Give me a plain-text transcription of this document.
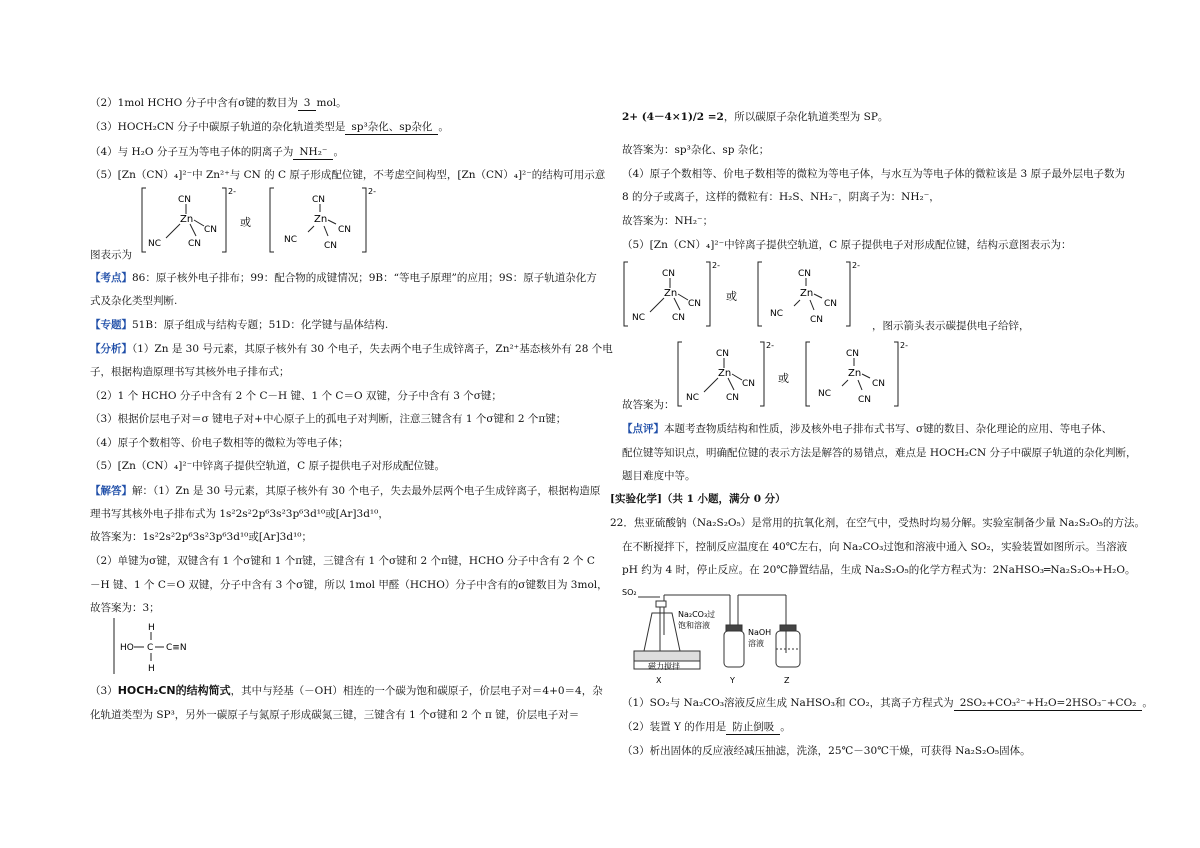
（2）1mol HCHO 分子中含有σ键的数目为 3 mol。
（3）HOCH₂CN 分子中碳原子轨道的杂化轨道类型是 sp³杂化、sp杂化 。
（4）与 H₂O 分子互为等电子体的阴离子为 NH₂⁻ 。
（5）[Zn（CN）₄]²⁻中 Zn²⁺与 CN 的 C 原子形成配位键，不考虑空间构型，[Zn（CN）₄]²⁻的结构可用示意
图表示为
CN
Zn
NC	CN
CN
2-
或
CN
Zn
NC
CN
CN
2-
【考点】86：原子核外电子排布；99：配合物的成键情况；9B：“等电子原理”的应用；9S：原子轨道杂化方
式及杂化类型判断.
【专题】51B：原子组成与结构专题；51D：化学键与晶体结构.
【分析】（1）Zn 是 30 号元素，其原子核外有 30 个电子，失去两个电子生成锌离子，Zn²⁺基态核外有 28 个电
子，根据构造原理书写其核外电子排布式；
（2）1 个 HCHO 分子中含有 2 个 C－H 键、1 个 C＝O 双键，分子中含有 3 个σ键；
（3）根据价层电子对＝σ 键电子对+中心原子上的孤电子对判断，注意三键含有 1 个σ键和 2 个π键；
（4）原子个数相等、价电子数相等的微粒为等电子体；
（5）[Zn（CN）₄]²⁻中锌离子提供空轨道，C 原子提供电子对形成配位键。
【解答】解：（1）Zn 是 30 号元素，其原子核外有 30 个电子，失去最外层两个电子生成锌离子，根据构造原
理书写其核外电子排布式为 1s²2s²2p⁶3s²3p⁶3d¹⁰或[Ar]3d¹⁰，
故答案为：1s²2s²2p⁶3s²3p⁶3d¹⁰或[Ar]3d¹⁰；
（2）单键为σ键，双键含有 1 个σ键和 1 个π键，三键含有 1 个σ键和 2 个π键，HCHO 分子中含有 2 个 C
－H 键、1 个 C＝O 双键，分子中含有 3 个σ键，所以 1mol 甲醛（HCHO）分子中含有的σ键数目为 3mol，
故答案为：3；
H
HO C C≡N
H
（3）HOCH₂CN的结构简式，其中与羟基（－OH）相连的一个碳为饱和碳原子，价层电子对＝4+0＝4，杂
化轨道类型为 SP³，另外一碳原子与氮原子形成碳氮三键，三键含有 1 个σ键和 2 个 π 键，价层电子对＝
2+ (4－4×1)/2 =2，所以碳原子杂化轨道类型为 SP。
故答案为：sp³杂化、sp 杂化；
（4）原子个数相等、价电子数相等的微粒为等电子体，与水互为等电子体的微粒该是 3 原子最外层电子数为
8 的分子或离子，这样的微粒有：H₂S、NH₂⁻，阴离子为：NH₂⁻，
故答案为：NH₂⁻；
（5）[Zn（CN）₄]²⁻中锌离子提供空轨道，C 原子提供电子对形成配位键，结构示意图表示为：
CN
Zn
NC	CN
CN
2-
或
CN
Zn
NC
CN
CN
2-
，图示箭头表示碳提供电子给锌，
CN
Zn
NC	CN
CN
2-
或
CN
Zn
NC
CN
CN
2-
故答案为：
【点评】本题考查物质结构和性质，涉及核外电子排布式书写、σ键的数目、杂化理论的应用、等电子体、
配位键等知识点，明确配位键的表示方法是解答的易错点，难点是 HOCH₂CN 分子中碳原子轨道的杂化判断，
题目难度中等。
[实验化学]（共 1 小题，满分 0 分）
22．焦亚硫酸钠（Na₂S₂O₅）是常用的抗氧化剂，在空气中，受热时均易分解。实验室制备少量 Na₂S₂O₅的方法。
在不断搅拌下，控制反应温度在 40℃左右，向 Na₂CO₃过饱和溶液中通入 SO₂，实验装置如图所示。当溶液
pH 约为 4 时，停止反应。在 20℃静置结晶，生成 Na₂S₂O₅的化学方程式为：2NaHSO₃═Na₂S₂O₅+H₂O。
SO₂
Na₂CO₃过
饱和溶液
NaOH
溶液
磁力搅拌
X	Y	Z
（1）SO₂与 Na₂CO₃溶液反应生成 NaHSO₃和 CO₂，其离子方程式为 2SO₂+CO₃²⁻+H₂O=2HSO₃⁻+CO₂ 。
（2）装置 Y 的作用是 防止倒吸 。
（3）析出固体的反应液经减压抽滤，洗涤，25℃－30℃干燥，可获得 Na₂S₂O₅固体。
